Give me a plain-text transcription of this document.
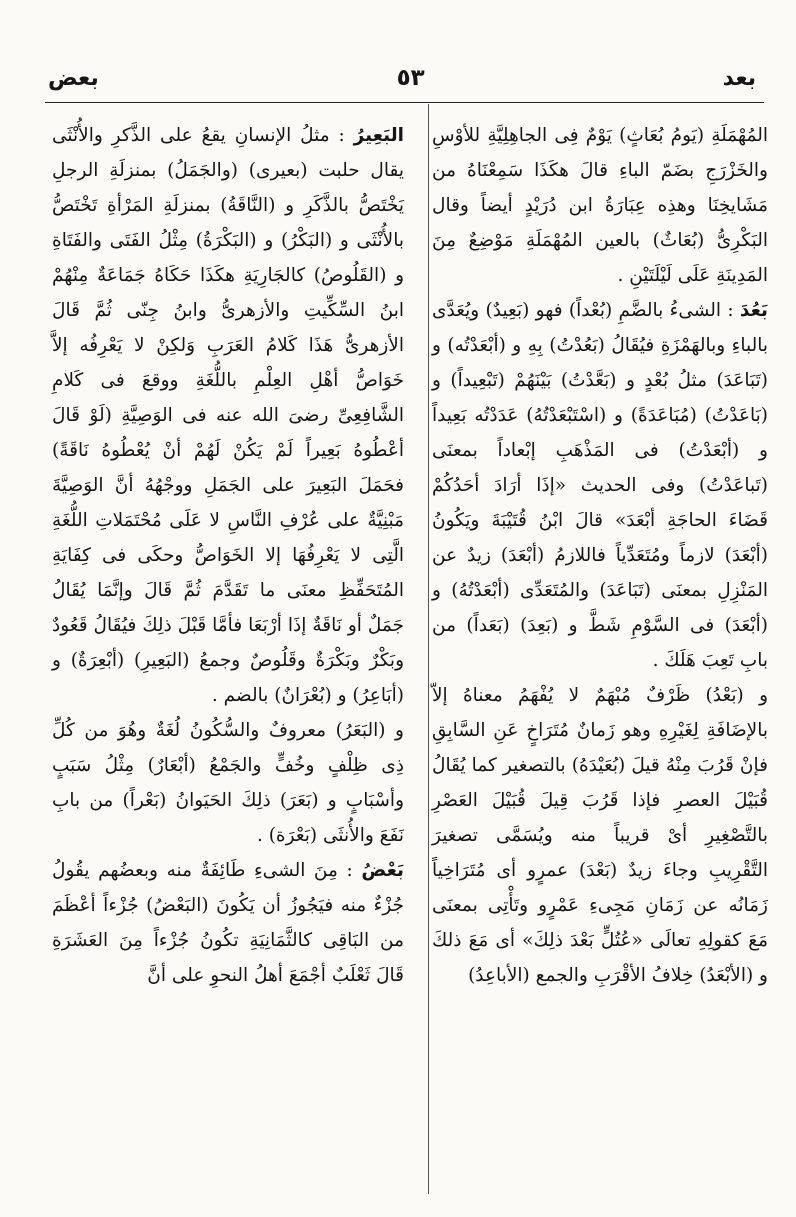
بعد
٥٣
بعض

المُهْمَلَةِ (يَومُ بُعَاثٍ) يَوْمٌ فِى الجاهِلِيَّةِ للأوْسِ والخَزْرَجِ بضَمّ الباءِ قالَ هكَذَا سَمِعْنَاهُ من مَشَايخِنَا وهذِه عِبَارَةُ ابن دُرَيْدٍ أيضاً وقال البَكْرِىُّ (بُعَاثٌ) بالعين المُهْمَلَةِ مَوْضِعٌ مِنَ المَدِينَةِ عَلَى لَيْلَتَيْنِ .

بَعُدَ : الشىءُ بالضَّمِ (بُعْداً) فهو (بَعِيدٌ) ويُعَدَّى بالباءِ وبالهَمْزَةِ فيُقَالُ (بَعُدْتُ) بِهِ و (أبْعَدْتُه) و (تَبَاعَدَ) مثلُ بُعْدٍ و (بَعَّدْتُ) بَيْنَهُمْ (تَبْعِيداً) و (بَاعَدْتُ) (مُبَاعَدَةً) و (اسْتَبْعَدْتُهُ) عَدَدْتُه بَعِيداً و (أبْعَدْتُ) فى المَذْهَبِ إبْعاداً بمعنَى (تَباعَدْتُ) وفى الحديث «إذَا أرَادَ أحَدُكُمْ قَضَاءَ الحاجَةِ أبْعَدَ» قالَ ابْنُ قُتَيْبَةَ ويَكُونُ (أبْعَدَ) لازماً ومُتَعَدِّياً فاللازمُ (أبْعَدَ) زيدٌ عن المَنْزِلِ بمعنَى (تَبَاعَدَ) والمُتَعَدِّى (أبْعَدْتُهُ) و (أبْعَدَ) فى السَّوْمِ شَطَّ و (بَعِدَ) (بَعَداً) من بابِ تَعِبَ هَلَكَ .

و (بَعْدُ) ظَرْفٌ مُبْهَمٌ لا يُفْهَمُ معناهُ إلاّ بالإضَافَةِ لِغَيْرِهِ وهو زَمانٌ مُتَرَاخٍ عَنِ السَّابِقِ فإنْ قَرُبَ مِنْهُ قيلَ (بُعَيْدَهُ) بالتصغير كما يُقَالُ قُبَيْلَ العصرِ فإذا قَرُبَ قِيلَ قُبَيْلَ العَصْرِ بالتَّصْغِيرِ أىْ قريباً منه ويُسَمَّى تصغيرَ التَّقْرِيبِ وجاءَ زيدٌ (بَعْدَ) عمرٍو أى مُتَرَاخِياً زَمَانُه عن زَمَانِ مَجِىءِ عَمْرٍو وتَأْتِى بمعنَى مَعَ كقولِهِ تعالَى «عُتُلٍّ بَعْدَ ذلِكَ» أى مَعَ ذلكَ و (الأبْعَدُ) خِلافُ الأقْرَبِ والجمع (الأباعِدُ)

البَعِيرُ : مثلُ الإنسانِ يقعُ على الذَّكرِ والأُنْثَى يقال حلبت (بعيرى) (والجَمَلُ) بمنزلَةِ الرجلِ يَخْتَصُّ بالذَّكَرِ و (النَّاقَةُ) بمنزلَةِ المَرْأةِ تَخْتَصُّ بالأُنْثَى و (البَكْرُ) و (البَكْرَةُ) مِثْلُ الفَتَى والفَتَاةِ و (القَلُوصُ) كالجَارِيَةِ هكَذَا حَكَاهُ جَمَاعَةٌ مِنْهُمْ ابنُ السِّكِّيتِ والأزهرىُّ وابنُ جِنّى ثُمَّ قَالَ الأزهرىُّ هَذَا كَلامُ العَرَبِ وَلكِنْ لا يَعْرِفُه إلاَّ خَوَاصُّ أهْلِ العِلْمِ باللُّغَةِ ووقعَ فى كَلامِ الشَّافِعِىِّ رضىَ الله عنه فى الوَصِيَّةِ (لَوْ قَالَ أعْطُوهُ بَعِيراً لَمْ يَكُنْ لَهُمْ أنْ يُعْطُوهُ نَاقَةً) فحَمَلَ البَعِيرَ على الجَمَلِ ووجْهُهُ أنَّ الوَصِيَّةَ مَبْنِيَّةٌ على عُرْفِ النَّاسِ لا عَلَى مُحْتَمَلاتِ اللُّغَةِ الَّتِى لا يَعْرِفُهَا إلا الخَوَاصُّ وحكَى فى كِفَايَةِ المُتَحَفِّظِ معنَى ما تَقَدَّمَ ثُمَّ قَالَ وإنَّمَا يُقَالُ جَمَلٌ أو نَاقَةٌ إذَا أرْبَعَا فأمَّا قَبْلَ ذلِكَ فيُقَالُ قَعُودٌ وبَكْرٌ وبَكْرَةٌ وقَلُوصٌ وجمعُ (البَعِيرِ) (أبْعِرَةٌ) و (أبَاعِرُ) و (بُعْرَانٌ) بالضم .

و (البَعَرُ) معروفٌ والسُّكُونُ لُغَةٌ وهُوَ من كُلِّ ذِى ظِلْفٍ وخُفٍّ والجَمْعُ (أبْعَارٌ) مِثْلُ سَبَبٍ وأسْبَابٍ و (بَعَرَ) ذلِكَ الحَيَوانُ (بَعْراً) من بابِ نَفَعَ والأُنثَى (بَعْرَة) .

بَعْضُ : مِنَ الشىءِ طَائِفَةٌ منه وبعضُهم يقُولُ جُزْءٌ منه فيَجُوزُ أن يَكُونَ (البَعْضُ) جُزْءاً أعْظَمَ من البَاقِى كالثَّمَانِيَةِ تكُونُ جُزْءاً مِنَ العَشَرَةِ قَالَ ثَعْلَبٌ أجْمَعَ أهلُ النحوِ على أنَّ
